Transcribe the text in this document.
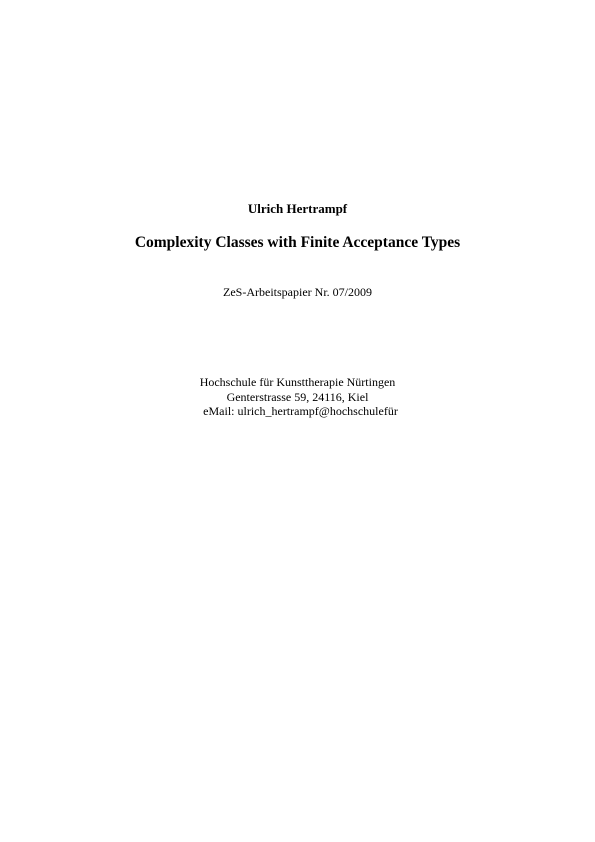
Ulrich Hertrampf
Complexity Classes with Finite Acceptance Types
ZeS-Arbeitspapier Nr. 07/2009
Hochschule für Kunsttherapie Nürtingen
Genterstrasse 59, 24116, Kiel
eMail: ulrich_hertrampf@hochschulefür
